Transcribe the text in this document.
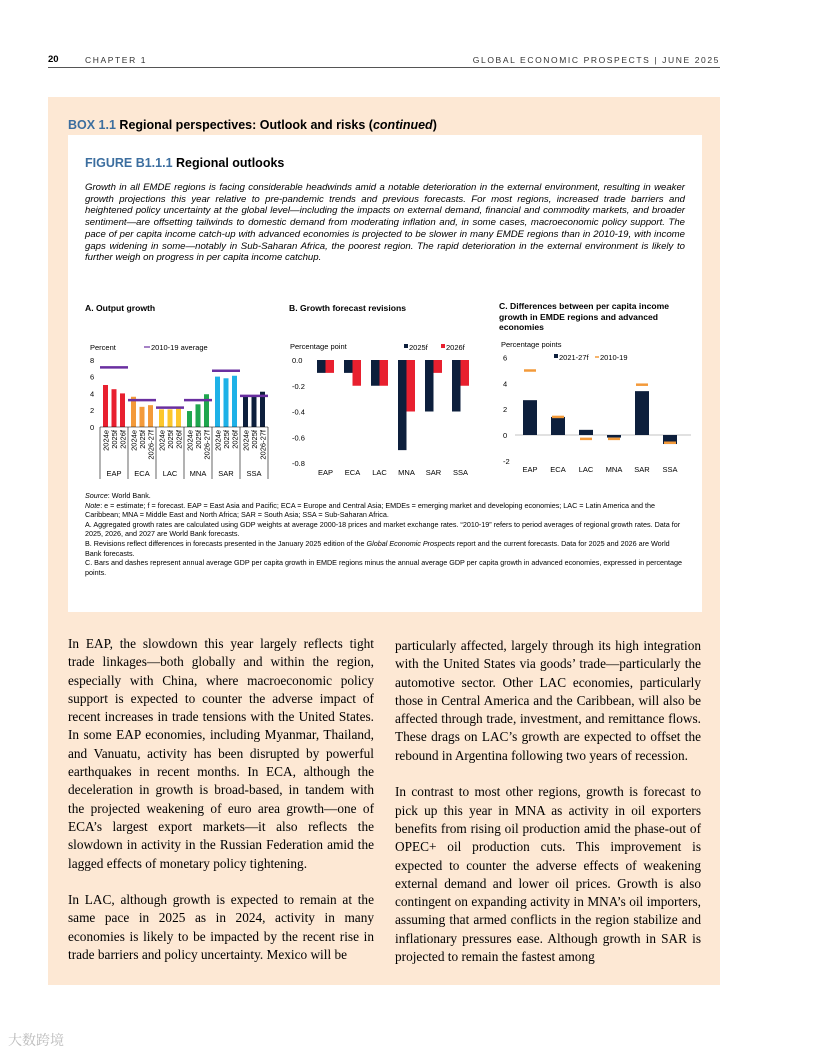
20	CHAPTER 1	GLOBAL ECONOMIC PROSPECTS | JUNE 2025
BOX 1.1 Regional perspectives: Outlook and risks (continued)
FIGURE B1.1.1 Regional outlooks
Growth in all EMDE regions is facing considerable headwinds amid a notable deterioration in the external environment, resulting in weaker growth projections this year relative to pre-pandemic trends and previous forecasts. For most regions, increased trade barriers and heightened policy uncertainty at the global level—including the impacts on external demand, financial and commodity markets, and broader sentiment—are offsetting tailwinds to domestic demand from moderating inflation and, in some cases, macroeconomic policy support. The pace of per capita income catch-up with advanced economies is projected to be slower in many EMDE regions than in 2010-19, with income gaps widening in some—notably in Sub-Saharan Africa, the poorest region. The rapid deterioration in the external environment is likely to further weigh on progress in per capita income catchup.
A. Output growth	B. Growth forecast revisions	C. Differences between per capita income growth in EMDE regions and advanced economies
Percent	2010-19 average
0
2
4
6
8
2024e 2025f 2026f
EAP
2024e 2025f 2026-27f
ECA
2024e 2025f 2026f
LAC
2024e 2025f 2026-27f
MNA
2024e 2025f 2026f
SAR
2024e 2025f 2026-27f
SSA
Percentage point	2025f 2026f
0.0
-0.2
-0.4
-0.6
-0.8
EAP ECA LAC MNA SAR SSA
Percentage points
2021-27f 2010-19
6
4
2
0
-2
EAP ECA LAC MNA SAR SSA

Source: World Bank.

Note: e = estimate; f = forecast. EAP = East Asia and Pacific; ECA = Europe and Central Asia; EMDEs = emerging market and developing economies; LAC = Latin America and the Caribbean; MNA = Middle East and North Africa; SAR = South Asia; SSA = Sub-Saharan Africa.

A. Aggregated growth rates are calculated using GDP weights at average 2000-18 prices and market exchange rates. “2010-19” refers to period averages of regional growth rates. Data for 2025, 2026, and 2027 are World Bank forecasts.

B. Revisions reflect differences in forecasts presented in the January 2025 edition of the Global Economic Prospects report and the current forecasts. Data for 2025 and 2026 are World Bank forecasts.

C. Bars and dashes represent annual average GDP per capita growth in EMDE regions minus the annual average GDP per capita growth in advanced economies, expressed in percentage points.

In EAP, the slowdown this year largely reflects tight trade linkages—both globally and within the region, especially with China, where macroeconomic policy support is expected to counter the adverse impact of recent increases in trade tensions with the United States. In some EAP economies, including Myanmar, Thailand, and Vanuatu, activity has been disrupted by powerful earthquakes in recent months. In ECA, although the deceleration in growth is broad-based, in tandem with the projected weakening of euro area growth—one of ECA’s largest export markets—it also reflects the slowdown in activity in the Russian Federation amid the lagged effects of monetary policy tightening.

In LAC, although growth is expected to remain at the same pace in 2025 as in 2024, activity in many economies is likely to be impacted by the recent rise in trade barriers and policy uncertainty. Mexico will be

particularly affected, largely through its high integration with the United States via goods’ trade—particularly the automotive sector. Other LAC economies, particularly those in Central America and the Caribbean, will also be affected through trade, investment, and remittance flows. These drags on LAC’s growth are expected to offset the rebound in Argentina following two years of recession.

In contrast to most other regions, growth is forecast to pick up this year in MNA as activity in oil exporters benefits from rising oil production amid the phase-out of OPEC+ oil production cuts. This improvement is expected to counter the adverse effects of weakening external demand and lower oil prices. Growth is also contingent on expanding activity in MNA’s oil importers, assuming that armed conflicts in the region stabilize and inflationary pressures ease. Although growth in SAR is projected to remain the fastest among

大数跨境
